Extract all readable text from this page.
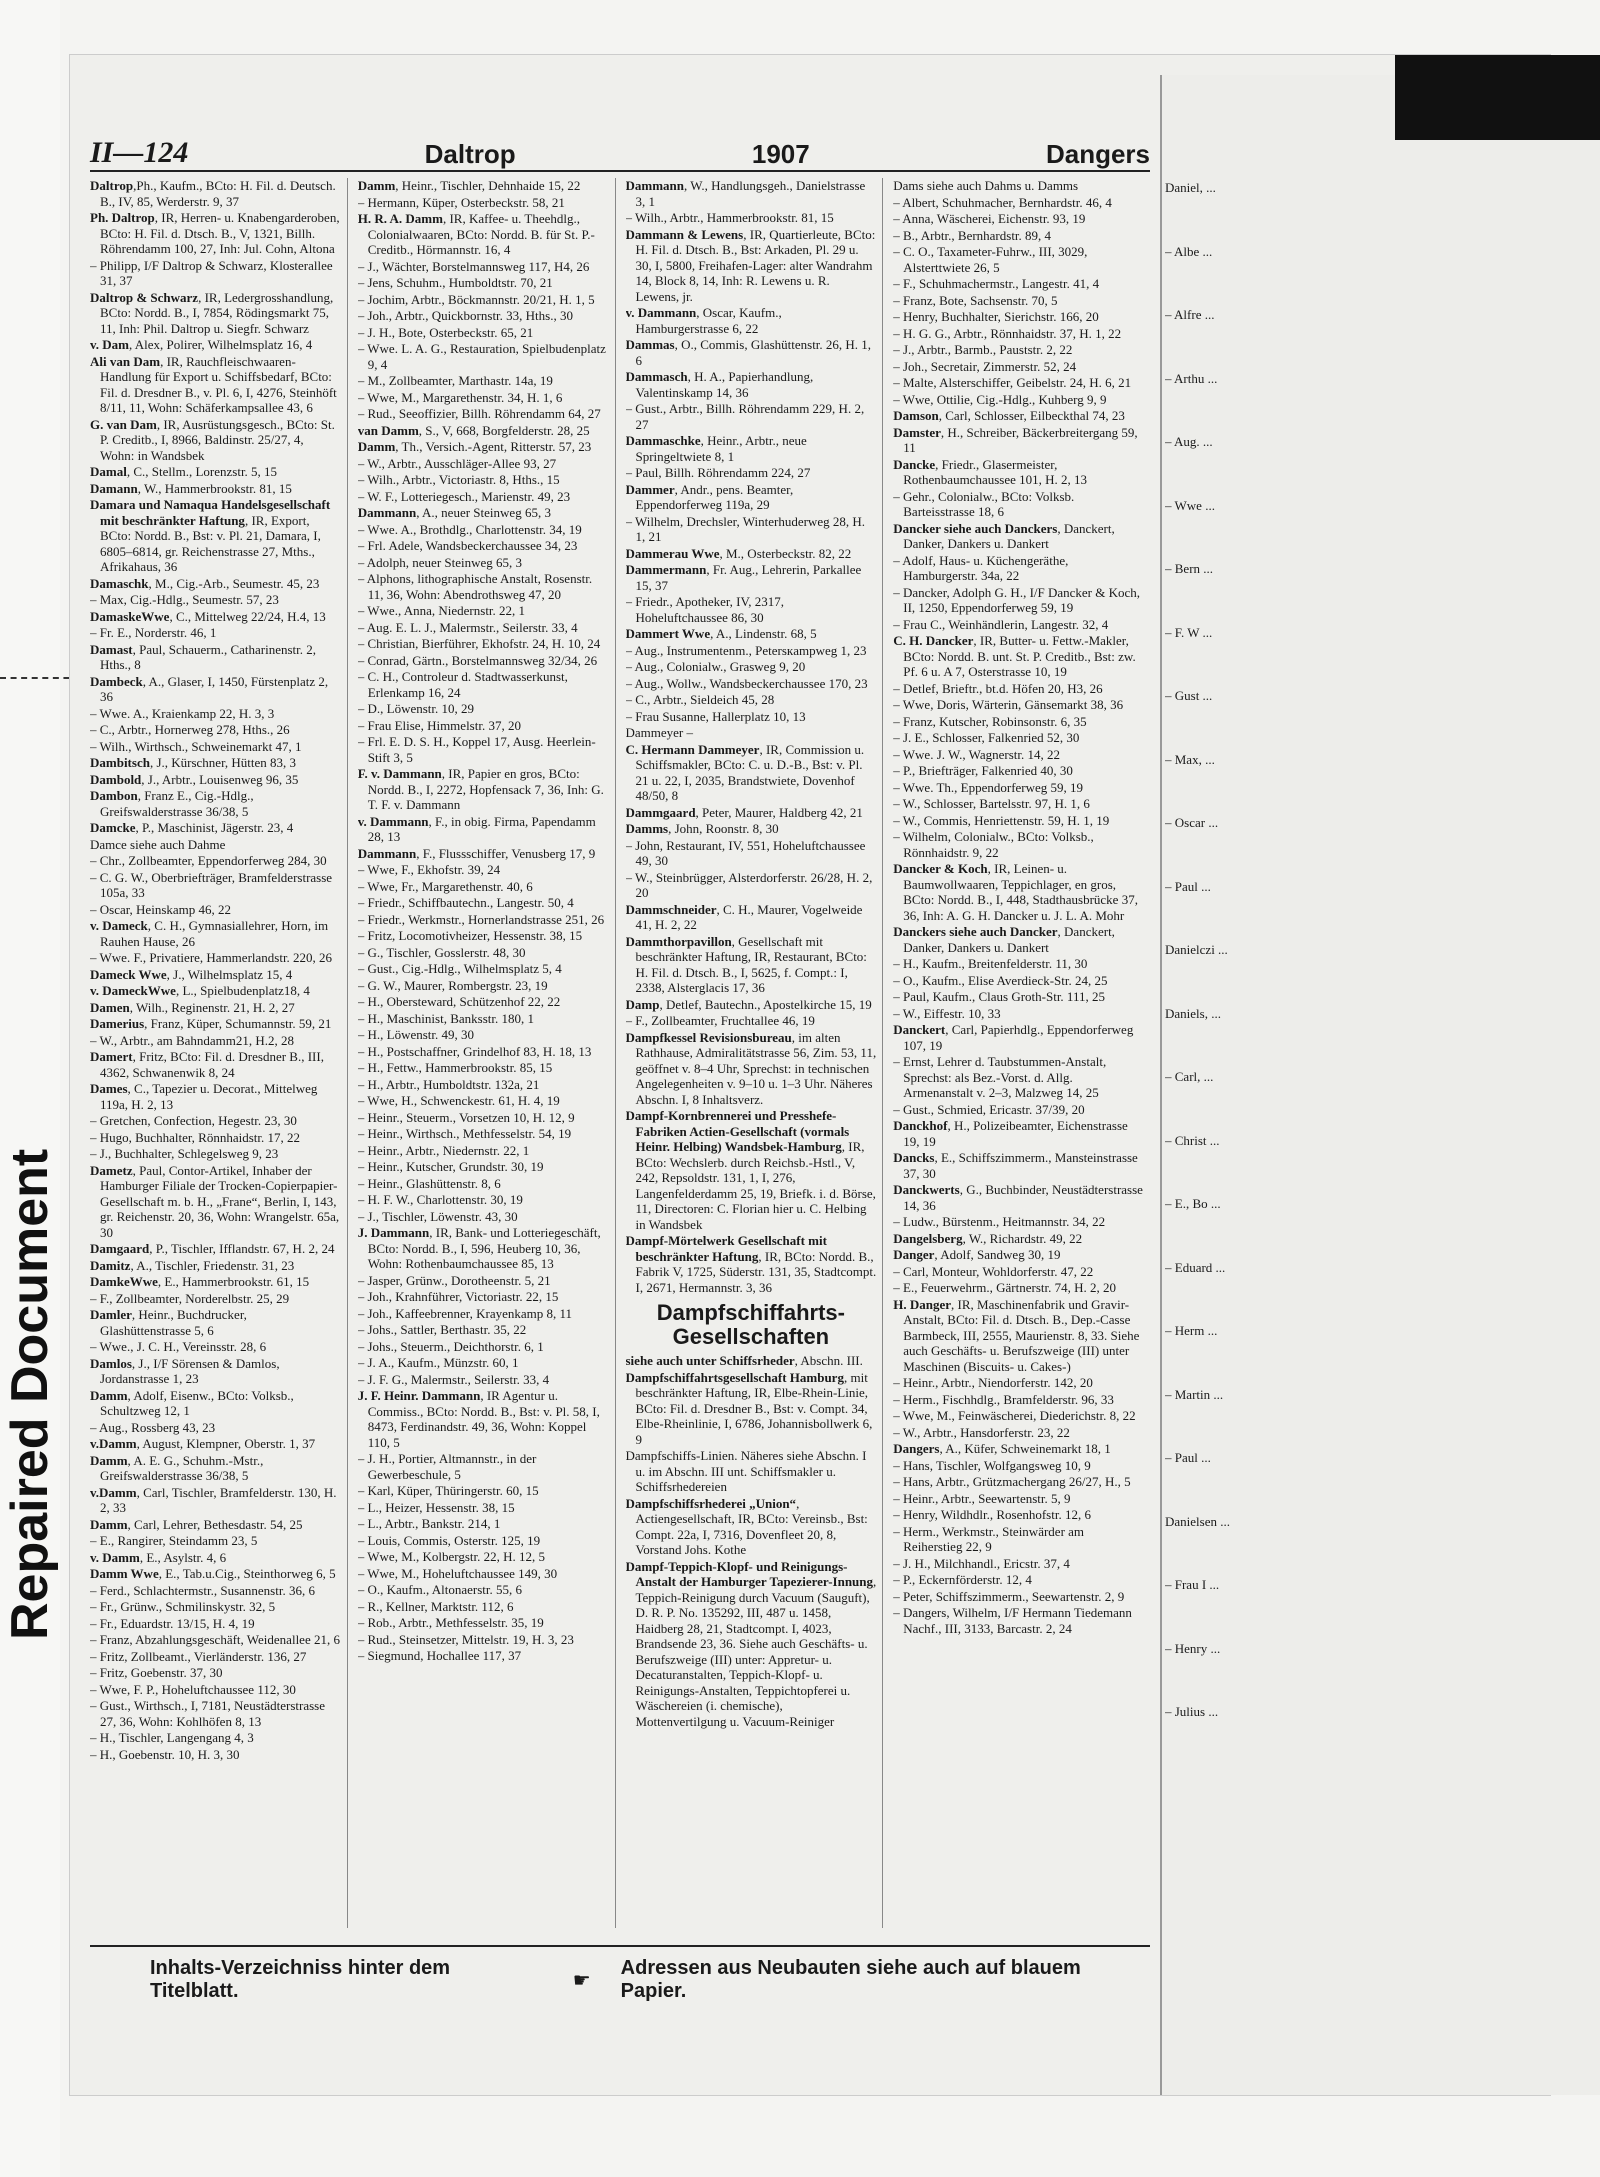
Repaired Document
II—124	Daltrop	1907	Dangers
Daltrop,Ph., Kaufm., BCto: H. Fil. d. Deutsch. B., IV, 85, Werderstr. 9, 37
Ph. Daltrop, IR, Herren- u. Knabengarderoben, BCto: H. Fil. d. Dtsch. B., V, 1321, Billh. Röhrendamm 100, 27, Inh: Jul. Cohn, Altona
– Philipp, I/F Daltrop & Schwarz, Klosterallee 31, 37
Daltrop & Schwarz, IR, Ledergrosshandlung, BCto: Nordd. B., I, 7854, Rödingsmarkt 75, 11, Inh: Phil. Daltrop u. Siegfr. Schwarz
v. Dam, Alex, Polirer, Wilhelmsplatz 16, 4
Ali van Dam, IR, Rauchfleischwaaren-Handlung für Export u. Schiffsbedarf, BCto: Fil. d. Dresdner B., v. Pl. 6, I, 4276, Steinhöft 8/11, 11, Wohn: Schäferkampsallee 43, 6
G. van Dam, IR, Ausrüstungsgesch., BCto: St. P. Creditb., I, 8966, Baldinstr. 25/27, 4, Wohn: in Wandsbek
Damal, C., Stellm., Lorenzstr. 5, 15
Damann, W., Hammerbrookstr. 81, 15
Damara und Namaqua Handelsgesellschaft mit beschränkter Haftung, IR, Export, BCto: Nordd. B., Bst: v. Pl. 21, Damara, I, 6805–6814, gr. Reichenstrasse 27, Mths., Afrikahaus, 36
Damaschk, M., Cig.-Arb., Seumestr. 45, 23
– Max, Cig.-Hdlg., Seumestr. 57, 23
DamaskeWwe, C., Mittelweg 22/24, H.4, 13
– Fr. E., Norderstr. 46, 1
Damast, Paul, Schauerm., Catharinenstr. 2, Hths., 8
Dambeck, A., Glaser, I, 1450, Fürstenplatz 2, 36
– Wwe. A., Kraienkamp 22, H. 3, 3
– C., Arbtr., Hornerweg 278, Hths., 26
– Wilh., Wirthsch., Schweinemarkt 47, 1
Dambitsch, J., Kürschner, Hütten 83, 3
Dambold, J., Arbtr., Louisenweg 96, 35
Dambon, Franz E., Cig.-Hdlg., Greifswalderstrasse 36/38, 5
Damcke, P., Maschinist, Jägerstr. 23, 4
Damce siehe auch Dahme
– Chr., Zollbeamter, Eppendorferweg 284, 30
– C. G. W., Oberbriefträger, Bramfelderstrasse 105a, 33
– Oscar, Heinskamp 46, 22
v. Dameck, C. H., Gymnasiallehrer, Horn, im Rauhen Hause, 26
– Wwe. F., Privatiere, Hammerlandstr. 220, 26
Dameck Wwe, J., Wilhelmsplatz 15, 4
v. DameckWwe, L., Spielbudenplatz18, 4
Damen, Wilh., Reginenstr. 21, H. 2, 27
Damerius, Franz, Küper, Schumannstr. 59, 21
– W., Arbtr., am Bahndamm21, H.2, 28
Damert, Fritz, BCto: Fil. d. Dresdner B., III, 4362, Schwanenwik 8, 24
Dames, C., Tapezier u. Decorat., Mittelweg 119a, H. 2, 13
– Gretchen, Confection, Hegestr. 23, 30
– Hugo, Buchhalter, Rönnhaidstr. 17, 22
– J., Buchhalter, Schlegelsweg 9, 23
Dametz, Paul, Contor-Artikel, Inhaber der Hamburger Filiale der Trocken-Copierpapier-Gesellschaft m. b. H., „Frane“, Berlin, I, 143, gr. Reichenstr. 20, 36, Wohn: Wrangelstr. 65a, 30
Damgaard, P., Tischler, Ifflandstr. 67, H. 2, 24
Damitz, A., Tischler, Friedenstr. 31, 23
DamkeWwe, E., Hammerbrookstr. 61, 15
– F., Zollbeamter, Norderelbstr. 25, 29
Damler, Heinr., Buchdrucker, Glashüttenstrasse 5, 6
– Wwe., J. C. H., Vereinsstr. 28, 6
Damlos, J., I/F Sörensen & Damlos, Jordanstrasse 1, 23
Damm, Adolf, Eisenw., BCto: Volksb., Schultzweg 12, 1
– Aug., Rossberg 43, 23
v.Damm, August, Klempner, Oberstr. 1, 37
Damm, A. E. G., Schuhm.-Mstr., Greifswalderstrasse 36/38, 5
v.Damm, Carl, Tischler, Bramfelderstr. 130, H. 2, 33
Damm, Carl, Lehrer, Bethesdastr. 54, 25
– E., Rangirer, Steindamm 23, 5
v. Damm, E., Asylstr. 4, 6
Damm Wwe, E., Tab.u.Cig., Steinthorweg 6, 5
– Ferd., Schlachtermstr., Susannenstr. 36, 6
– Fr., Grünw., Schmilinskystr. 32, 5
– Fr., Eduardstr. 13/15, H. 4, 19
– Franz, Abzahlungsgeschäft, Weidenallee 21, 6
– Fritz, Zollbeamt., Vierländerstr. 136, 27
– Fritz, Goebenstr. 37, 30
– Wwe, F. P., Hoheluftchaussee 112, 30
– Gust., Wirthsch., I, 7181, Neustädterstrasse 27, 36, Wohn: Kohlhöfen 8, 13
– H., Tischler, Langengang 4, 3
– H., Goebenstr. 10, H. 3, 30
Damm, Heinr., Tischler, Dehnhaide 15, 22
– Hermann, Küper, Osterbeckstr. 58, 21
H. R. A. Damm, IR, Kaffee- u. Theehdlg., Colonialwaaren, BCto: Nordd. B. für St. P.-Creditb., Hörmannstr. 16, 4
– J., Wächter, Borstelmannsweg 117, H4, 26
– Jens, Schuhm., Humboldtstr. 70, 21
– Jochim, Arbtr., Böckmannstr. 20/21, H. 1, 5
– Joh., Arbtr., Quickbornstr. 33, Hths., 30
– J. H., Bote, Osterbeckstr. 65, 21
– Wwe. L. A. G., Restauration, Spielbudenplatz 9, 4
– M., Zollbeamter, Marthastr. 14a, 19
– Wwe, M., Margarethenstr. 34, H. 1, 6
– Rud., Seeoffizier, Billh. Röhrendamm 64, 27
van Damm, S., V, 668, Borgfelderstr. 28, 25
Damm, Th., Versich.-Agent, Ritterstr. 57, 23
– W., Arbtr., Ausschläger-Allee 93, 27
– Wilh., Arbtr., Victoriastr. 8, Hths., 15
– W. F., Lotteriegesch., Marienstr. 49, 23
Dammann, A., neuer Steinweg 65, 3
– Wwe. A., Brothdlg., Charlottenstr. 34, 19
– Frl. Adele, Wandsbeckerchaussee 34, 23
– Adolph, neuer Steinweg 65, 3
– Alphons, lithographische Anstalt, Rosenstr. 11, 36, Wohn: Abendrothsweg 47, 20
– Wwe., Anna, Niedernstr. 22, 1
– Aug. E. L. J., Malermstr., Seilerstr. 33, 4
– Christian, Bierführer, Ekhofstr. 24, H. 10, 24
– Conrad, Gärtn., Borstelmannsweg 32/34, 26
– C. H., Controleur d. Stadtwasserkunst, Erlenkamp 16, 24
– D., Löwenstr. 10, 29
– Frau Elise, Himmelstr. 37, 20
– Frl. E. D. S. H., Koppel 17, Ausg. Heerlein-Stift 3, 5
F. v. Dammann, IR, Papier en gros, BCto: Nordd. B., I, 2272, Hopfensack 7, 36, Inh: G. T. F. v. Dammann
v. Dammann, F., in obig. Firma, Papendamm 28, 13
Dammann, F., Flussschiffer, Venusberg 17, 9
– Wwe, F., Ekhofstr. 39, 24
– Wwe, Fr., Margarethenstr. 40, 6
– Friedr., Schiffbautechn., Langestr. 50, 4
– Friedr., Werkmstr., Hornerlandstrasse 251, 26
– Fritz, Locomotivheizer, Hessenstr. 38, 15
– G., Tischler, Gosslerstr. 48, 30
– Gust., Cig.-Hdlg., Wilhelmsplatz 5, 4
– G. W., Maurer, Rombergstr. 23, 19
– H., Obersteward, Schützenhof 22, 22
– H., Maschinist, Banksstr. 180, 1
– H., Löwenstr. 49, 30
– H., Postschaffner, Grindelhof 83, H. 18, 13
– H., Fettw., Hammerbrookstr. 85, 15
– H., Arbtr., Humboldtstr. 132a, 21
– Wwe, H., Schwenckestr. 61, H. 4, 19
– Heinr., Steuerm., Vorsetzen 10, H. 12, 9
– Heinr., Wirthsch., Methfesselstr. 54, 19
– Heinr., Arbtr., Niedernstr. 22, 1
– Heinr., Kutscher, Grundstr. 30, 19
– Heinr., Glashüttenstr. 8, 6
– H. F. W., Charlottenstr. 30, 19
– J., Tischler, Löwenstr. 43, 30
J. Dammann, IR, Bank- und Lotteriegeschäft, BCto: Nordd. B., I, 596, Heuberg 10, 36, Wohn: Rothenbaumchaussee 85, 13
– Jasper, Grünw., Dorotheenstr. 5, 21
– Joh., Krahnführer, Victoriastr. 22, 15
– Joh., Kaffeebrenner, Krayenkamp 8, 11
– Johs., Sattler, Berthastr. 35, 22
– Johs., Steuerm., Deichthorstr. 6, 1
– J. A., Kaufm., Münzstr. 60, 1
– J. F. G., Malermstr., Seilerstr. 33, 4
J. F. Heinr. Dammann, IR Agentur u. Commiss., BCto: Nordd. B., Bst: v. Pl. 58, I, 8473, Ferdinandstr. 49, 36, Wohn: Koppel 110, 5
– J. H., Portier, Altmannstr., in der Gewerbeschule, 5
– Karl, Küper, Thüringerstr. 60, 15
– L., Heizer, Hessenstr. 38, 15
– L., Arbtr., Bankstr. 214, 1
– Louis, Commis, Osterstr. 125, 19
– Wwe, M., Kolbergstr. 22, H. 12, 5
– Wwe, M., Hoheluftchaussee 149, 30
– O., Kaufm., Altonaerstr. 55, 6
– R., Kellner, Marktstr. 112, 6
– Rob., Arbtr., Methfesselstr. 35, 19
– Rud., Steinsetzer, Mittelstr. 19, H. 3, 23
– Siegmund, Hochallee 117, 37
Dammann, W., Handlungsgeh., Danielstrasse 3, 1
– Wilh., Arbtr., Hammerbrookstr. 81, 15
Dammann & Lewens, IR, Quartierleute, BCto: H. Fil. d. Dtsch. B., Bst: Arkaden, Pl. 29 u. 30, I, 5800, Freihafen-Lager: alter Wandrahm 14, Block 8, 14, Inh: R. Lewens u. R. Lewens, jr.
v. Dammann, Oscar, Kaufm., Hamburgerstrasse 6, 22
Dammas, O., Commis, Glashüttenstr. 26, H. 1, 6
Dammasch, H. A., Papierhandlung, Valentinskamp 14, 36
– Gust., Arbtr., Billh. Röhrendamm 229, H. 2, 27
Dammaschke, Heinr., Arbtr., neue Springeltwiete 8, 1
– Paul, Billh. Röhrendamm 224, 27
Dammer, Andr., pens. Beamter, Eppendorferweg 119a, 29
– Wilhelm, Drechsler, Winterhuderweg 28, H. 1, 21
Dammerau Wwe, M., Osterbeckstr. 82, 22
Dammermann, Fr. Aug., Lehrerin, Parkallee 15, 37
– Friedr., Apotheker, IV, 2317, Hoheluftchaussee 86, 30
Dammert Wwe, A., Lindenstr. 68, 5
– Aug., Instrumentenm., Petersкampweg 1, 23
– Aug., Colonialw., Grasweg 9, 20
– Aug., Wollw., Wandsbeckerchaussee 170, 23
– C., Arbtr., Sieldeich 45, 28
– Frau Susanne, Hallerplatz 10, 13
Dammeyer –
C. Hermann Dammeyer, IR, Commission u. Schiffsmakler, BCto: C. u. D.-B., Bst: v. Pl. 21 u. 22, I, 2035, Brandstwiete, Dovenhof 48/50, 8
Dammgaard, Peter, Maurer, Haldberg 42, 21
Damms, John, Roonstr. 8, 30
– John, Restaurant, IV, 551, Hoheluftchaussee 49, 30
– W., Steinbrügger, Alsterdorferstr. 26/28, H. 2, 20
Dammschneider, C. H., Maurer, Vogelweide 41, H. 2, 22
Dammthorpavillon, Gesellschaft mit beschränkter Haftung, IR, Restaurant, BCto: H. Fil. d. Dtsch. B., I, 5625, f. Compt.: I, 2338, Alsterglacis 17, 36
Damp, Detlef, Bautechn., Apostelkirche 15, 19
– F., Zollbeamter, Fruchtallee 46, 19
Dampfkessel Revisionsbureau, im alten Rathhause, Admiralitätstrasse 56, Zim. 53, 11, geöffnet v. 8–4 Uhr, Sprechst: in technischen Angelegenheiten v. 9–10 u. 1–3 Uhr. Näheres Abschn. I, 8 Inhaltsverz.
Dampf-Kornbrennerei und Presshefe-Fabriken Actien-Gesellschaft (vormals Heinr. Helbing) Wandsbek-Hamburg, IR, BCto: Wechslerb. durch Reichsb.-Hstl., V, 242, Repsoldstr. 131, 1, I, 276, Langenfelderdamm 25, 19, Briefk. i. d. Börse, 11, Directoren: C. Florian hier u. C. Helbing in Wandsbek
Dampf-Mörtelwerk Gesellschaft mit beschränkter Haftung, IR, BCto: Nordd. B., Fabrik V, 1725, Süderstr. 131, 35, Stadtcompt. I, 2671, Hermannstr. 3, 36
Dampfschiffahrts-Gesellschaften
siehe auch unter Schiffsrheder, Abschn. III.
Dampfschiffahrtsgesellschaft Hamburg, mit beschränkter Haftung, IR, Elbe-Rhein-Linie, BCto: Fil. d. Dresdner B., Bst: v. Compt. 34, Elbe-Rheinlinie, I, 6786, Johannisbollwerk 6, 9
Dampfschiffs-Linien. Näheres siehe Abschn. I u. im Abschn. III unt. Schiffsmakler u. Schiffsrhedereien
Dampfschiffsrhederei „Union“, Actiengesellschaft, IR, BCto: Vereinsb., Bst: Compt. 22a, I, 7316, Dovenfleet 20, 8, Vorstand Johs. Kothe
Dampf-Teppich-Klopf- und Reinigungs-Anstalt der Hamburger Tapezierer-Innung, Teppich-Reinigung durch Vacuum (Sauguft), D. R. P. No. 135292, III, 487 u. 1458, Haidberg 28, 21, Stadtcompt. I, 4023, Brandsende 23, 36. Siehe auch Geschäfts- u. Berufszweige (III) unter: Appretur- u. Decaturanstalten, Teppich-Klopf- u. Reinigungs-Anstalten, Teppichtopferei u. Wäschereien (i. chemische), Mottenvertilgung u. Vacuum-Reiniger
Dams siehe auch Dahms u. Damms
– Albert, Schuhmacher, Bernhardstr. 46, 4
– Anna, Wäscherei, Eichenstr. 93, 19
– B., Arbtr., Bernhardstr. 89, 4
– C. O., Taxameter-Fuhrw., III, 3029, Alsterttwiete 26, 5
– F., Schuhmachermstr., Langestr. 41, 4
– Franz, Bote, Sachsenstr. 70, 5
– Henry, Buchhalter, Sierichstr. 166, 20
– H. G. G., Arbtr., Rönnhaidstr. 37, H. 1, 22
– J., Arbtr., Barmb., Pauststr. 2, 22
– Joh., Secretair, Zimmerstr. 52, 24
– Malte, Alsterschiffer, Geibelstr. 24, H. 6, 21
– Wwe, Ottilie, Cig.-Hdlg., Kuhberg 9, 9
Damson, Carl, Schlosser, Eilbeckthal 74, 23
Damster, H., Schreiber, Bäckerbreitergang 59, 11
Dancke, Friedr., Glasermeister, Rothenbaumchaussee 101, H. 2, 13
– Gehr., Colonialw., BCto: Volksb. Barteisstrasse 18, 6
Dancker siehe auch Danckers, Danckert, Danker, Dankers u. Dankert
– Adolf, Haus- u. Küchengeräthe, Hamburgerstr. 34a, 22
– Dancker, Adolph G. H., I/F Dancker & Koch, II, 1250, Eppendorferweg 59, 19
– Frau C., Weinhändlerin, Langestr. 32, 4
C. H. Dancker, IR, Butter- u. Fettw.-Makler, BCto: Nordd. B. unt. St. P. Creditb., Bst: zw. Pf. 6 u. A 7, Osterstrasse 10, 19
– Detlef, Brieftr., bt.d. Höfen 20, H3, 26
– Wwe, Doris, Wärterin, Gänsemarkt 38, 36
– Franz, Kutscher, Robinsonstr. 6, 35
– J. E., Schlosser, Falkenried 52, 30
– Wwe. J. W., Wagnerstr. 14, 22
– P., Briefträger, Falkenried 40, 30
– Wwe. Th., Eppendorferweg 59, 19
– W., Schlosser, Bartelsstr. 97, H. 1, 6
– W., Commis, Henriettenstr. 59, H. 1, 19
– Wilhelm, Colonialw., BCto: Volksb., Rönnhaidstr. 9, 22
Dancker & Koch, IR, Leinen- u. Baumwollwaaren, Teppichlager, en gros, BCto: Nordd. B., I, 448, Stadthausbrücke 37, 36, Inh: A. G. H. Dancker u. J. L. A. Mohr
Danckers siehe auch Dancker, Danckert, Danker, Dankers u. Dankert
– H., Kaufm., Breitenfelderstr. 11, 30
– O., Kaufm., Elise Averdieck-Str. 24, 25
– Paul, Kaufm., Claus Groth-Str. 111, 25
– W., Eiffestr. 10, 33
Danckert, Carl, Papierhdlg., Eppendorferweg 107, 19
– Ernst, Lehrer d. Taubstummen-Anstalt, Sprechst: als Bez.-Vorst. d. Allg. Armenanstalt v. 2–3, Malzweg 14, 25
– Gust., Schmied, Ericastr. 37/39, 20
Danckhof, H., Polizeibeamter, Eichenstrasse 19, 19
Dancks, E., Schiffszimmerm., Mansteinstrasse 37, 30
Danckwerts, G., Buchbinder, Neustädterstrasse 14, 36
– Ludw., Bürstenm., Heitmannstr. 34, 22
Dangelsberg, W., Richardstr. 49, 22
Danger, Adolf, Sandweg 30, 19
– Carl, Monteur, Wohldorferstr. 47, 22
– E., Feuerwehrm., Gärtnerstr. 74, H. 2, 20
H. Danger, IR, Maschinenfabrik und Gravir-Anstalt, BCto: Fil. d. Dtsch. B., Dep.-Casse Barmbeck, III, 2555, Maurienstr. 8, 33. Siehe auch Geschäfts- u. Berufszweige (III) unter Maschinen (Biscuits- u. Cakes-)
– Heinr., Arbtr., Niendorferstr. 142, 20
– Herm., Fischhdlg., Bramfelderstr. 96, 33
– Wwe, M., Feinwäscherei, Diederichstr. 8, 22
– W., Arbtr., Hansdorferstr. 23, 22
Dangers, A., Küfer, Schweinemarkt 18, 1
– Hans, Tischler, Wolfgangsweg 10, 9
– Hans, Arbtr., Grützmachergang 26/27, H., 5
– Heinr., Arbtr., Seewartenstr. 5, 9
– Henry, Wildhdlr., Rosenhofstr. 12, 6
– Herm., Werkmstr., Steinwärder am Reiherstieg 22, 9
– J. H., Milchhandl., Ericstr. 37, 4
– P., Eckernförderstr. 12, 4
– Peter, Schiffszimmerm., Seewartenstr. 2, 9
– Dangers, Wilhelm, I/F Hermann Tiedemann Nachf., III, 3133, Barcastr. 2, 24
Daniel, ...
– Albe ...
– Alfre ...
– Arthu ...
– Aug. ...
– Wwe ...
– Bern ...
– F. W ...
– Gust ...
– Max, ...
– Oscar ...
– Paul ...
Danielczi ...
Daniels, ...
– Carl, ...
– Christ ...
– E., Bo ...
– Eduard ...
– Herm ...
– Martin ...
– Paul ...
Danielsen ...
– Frau I ...
– Henry ...
– Julius ...
Inhalts-Verzeichniss hinter dem Titelblatt.	☛
Adressen aus Neubauten siehe auch auf blauem Papier.
